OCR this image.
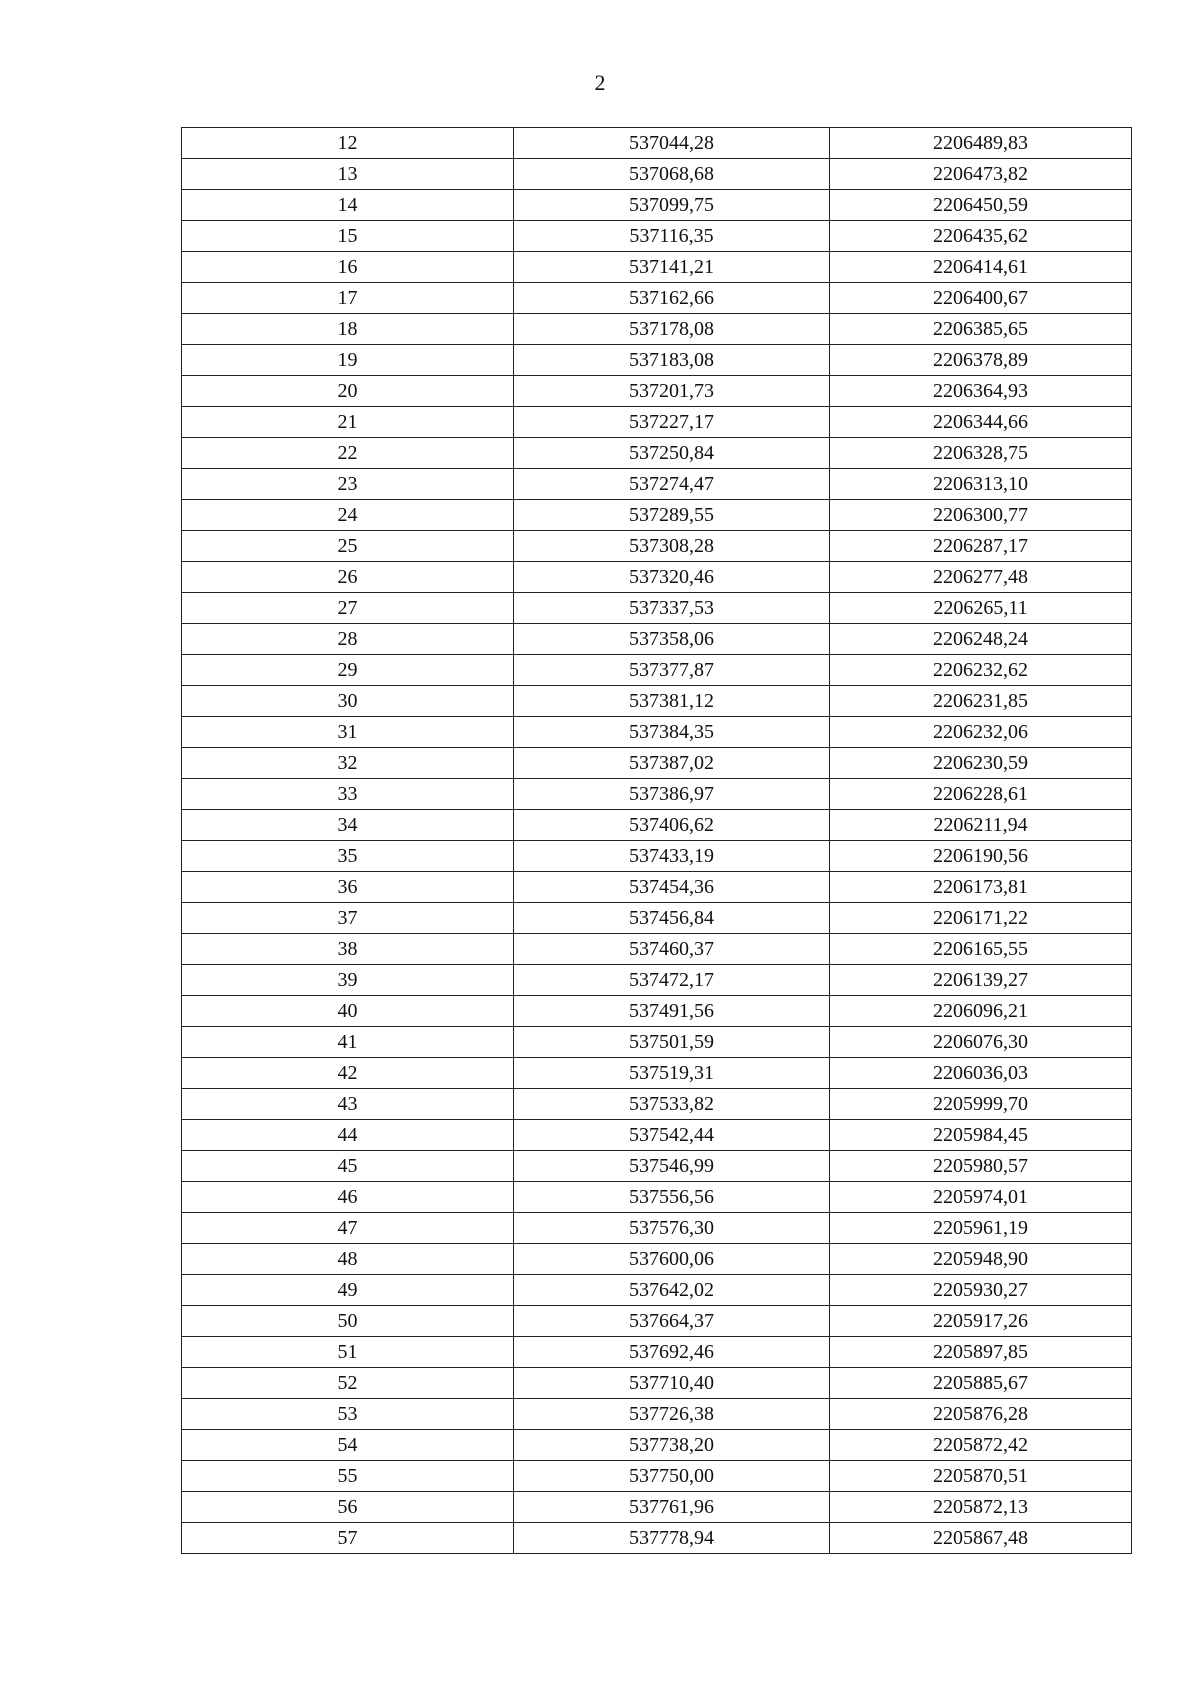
2
12	537044,28	2206489,83
13	537068,68	2206473,82
14	537099,75	2206450,59
15	537116,35	2206435,62
16	537141,21	2206414,61
17	537162,66	2206400,67
18	537178,08	2206385,65
19	537183,08	2206378,89
20	537201,73	2206364,93
21	537227,17	2206344,66
22	537250,84	2206328,75
23	537274,47	2206313,10
24	537289,55	2206300,77
25	537308,28	2206287,17
26	537320,46	2206277,48
27	537337,53	2206265,11
28	537358,06	2206248,24
29	537377,87	2206232,62
30	537381,12	2206231,85
31	537384,35	2206232,06
32	537387,02	2206230,59
33	537386,97	2206228,61
34	537406,62	2206211,94
35	537433,19	2206190,56
36	537454,36	2206173,81
37	537456,84	2206171,22
38	537460,37	2206165,55
39	537472,17	2206139,27
40	537491,56	2206096,21
41	537501,59	2206076,30
42	537519,31	2206036,03
43	537533,82	2205999,70
44	537542,44	2205984,45
45	537546,99	2205980,57
46	537556,56	2205974,01
47	537576,30	2205961,19
48	537600,06	2205948,90
49	537642,02	2205930,27
50	537664,37	2205917,26
51	537692,46	2205897,85
52	537710,40	2205885,67
53	537726,38	2205876,28
54	537738,20	2205872,42
55	537750,00	2205870,51
56	537761,96	2205872,13
57	537778,94	2205867,48
